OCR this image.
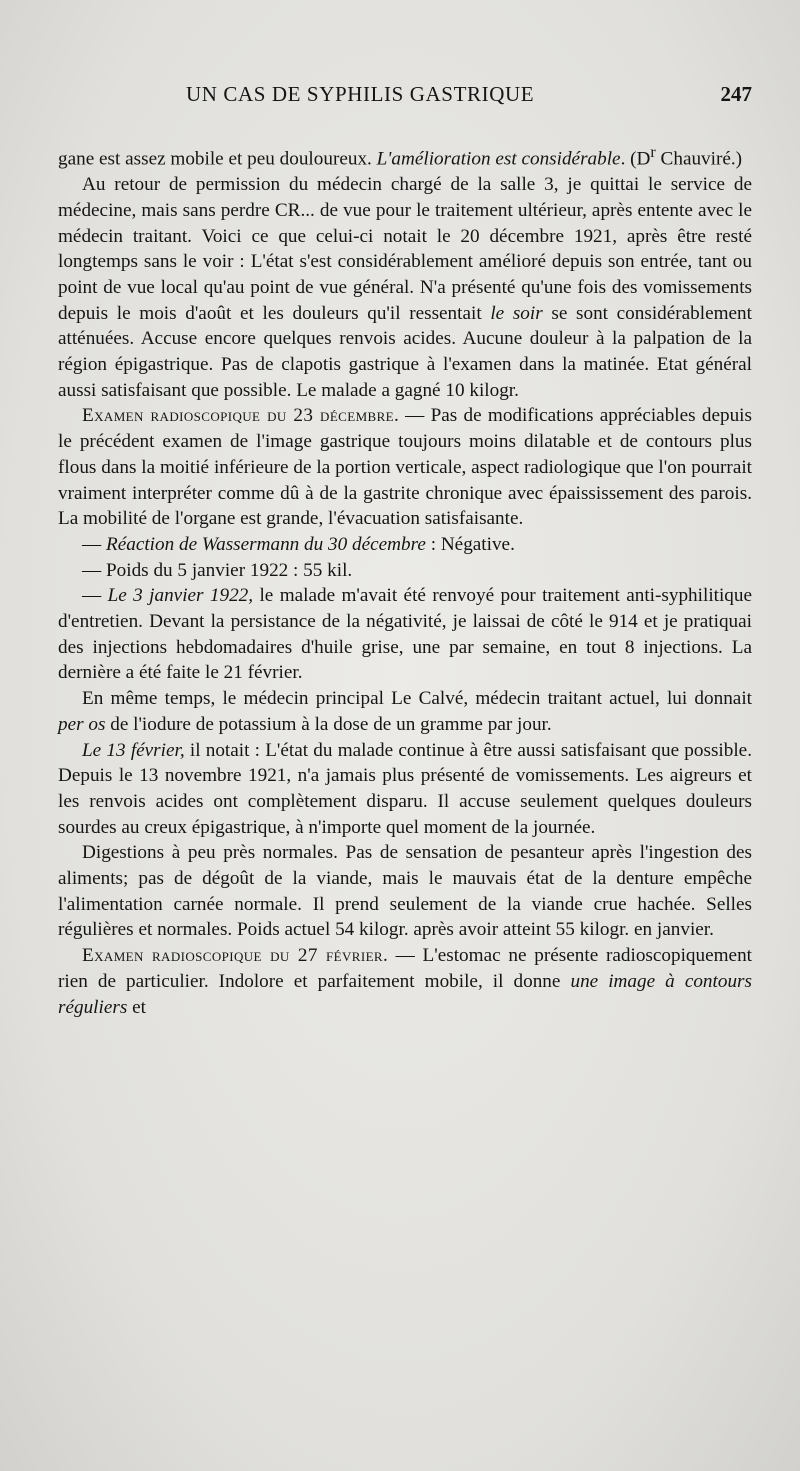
UN CAS DE SYPHILIS GASTRIQUE	247

gane est assez mobile et peu douloureux. L'amélioration est considérable. ($D^r$ Chauviré.)

Au retour de permission du médecin chargé de la salle 3, je quittai le service de médecine, mais sans perdre CR... de vue pour le traitement ultérieur, après entente avec le médecin traitant. Voici ce que celui-ci notait le 20 décembre 1921, après être resté longtemps sans le voir : L'état s'est considérablement amélioré depuis son entrée, tant ou point de vue local qu'au point de vue général. N'a présenté qu'une fois des vomissements depuis le mois d'août et les douleurs qu'il ressentait le soir se sont considérablement atténuées. Accuse encore quelques renvois acides. Aucune douleur à la palpation de la région épigastrique. Pas de clapotis gastrique à l'examen dans la matinée. Etat général aussi satisfaisant que possible. Le malade a gagné 10 kilogr.

Examen radioscopique du 23 décembre. — Pas de modifications appréciables depuis le précédent examen de l'image gastrique toujours moins dilatable et de contours plus flous dans la moitié inférieure de la portion verticale, aspect radiologique que l'on pourrait vraiment interpréter comme dû à de la gastrite chronique avec épaississement des parois. La mobilité de l'organe est grande, l'évacuation satisfaisante.

— Réaction de Wassermann du 30 décembre : Négative.

— Poids du 5 janvier 1922 : 55 kil.

— Le 3 janvier 1922, le malade m'avait été renvoyé pour traitement anti-syphilitique d'entretien. Devant la persistance de la négativité, je laissai de côté le 914 et je pratiquai des injections hebdomadaires d'huile grise, une par semaine, en tout 8 injections. La dernière a été faite le 21 février.

En même temps, le médecin principal Le Calvé, médecin traitant actuel, lui donnait per os de l'iodure de potassium à la dose de un gramme par jour.

Le 13 février, il notait : L'état du malade continue à être aussi satisfaisant que possible. Depuis le 13 novembre 1921, n'a jamais plus présenté de vomissements. Les aigreurs et les renvois acides ont complètement disparu. Il accuse seulement quelques douleurs sourdes au creux épigastrique, à n'importe quel moment de la journée.

Digestions à peu près normales. Pas de sensation de pesanteur après l'ingestion des aliments; pas de dégoût de la viande, mais le mauvais état de la denture empêche l'alimentation carnée normale. Il prend seulement de la viande crue hachée. Selles régulières et normales. Poids actuel 54 kilogr. après avoir atteint 55 kilogr. en janvier.

Examen radioscopique du 27 février. — L'estomac ne présente radioscopiquement rien de particulier. Indolore et parfaitement mobile, il donne une image à contours réguliers et
